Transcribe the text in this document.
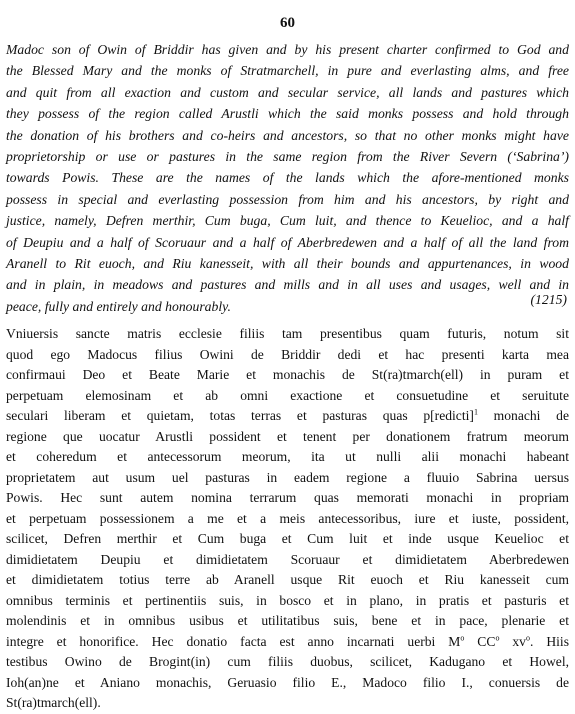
60
Madoc son of Owin of Briddir has given and by his present charter confirmed to God and
the Blessed Mary and the monks of Stratmarchell, in pure and everlasting alms, and free
and quit from all exaction and custom and secular service, all lands and pastures which
they possess of the region called Arustli which the said monks possess and hold through
the donation of his brothers and co-heirs and ancestors, so that no other monks might have
proprietorship or use or pastures in the same region from the River Severn (‘Sabrina’)
towards Powis. These are the names of the lands which the afore-mentioned monks
possess in special and everlasting possession from him and his ancestors, by right and
justice, namely, Defren merthir, Cum buga, Cum luit, and thence to Keuelioc, and a half
of Deupiu and a half of Scoruaur and a half of Aberbredewen and a half of all the land from
Aranell to Rit euoch, and Riu kanesseit, with all their bounds and appurtenances, in wood
and in plain, in meadows and pastures and mills and in all uses and usages, well and in
peace, fully and entirely and honourably.	(1215)
Vniuersis sancte matris ecclesie filiis tam presentibus quam futuris, notum sit
quod ego Madocus filius Owini de Briddir dedi et hac presenti karta mea
confirmaui Deo et Beate Marie et monachis de St(ra)tmarch(ell) in puram et
perpetuam elemosinam et ab omni exactione et consuetudine et seruitute
seculari liberam et quietam, totas terras et pasturas quas p[redicti]$^1$ monachi de
regione que uocatur Arustli possident et tenent per donationem fratrum meorum
et coheredum et antecessorum meorum, ita ut nulli alii monachi habeant
proprietatem aut usum uel pasturas in eadem regione a fluuio Sabrina uersus
Powis. Hec sunt autem nomina terrarum quas memorati monachi in propriam
et perpetuam possessionem a me et a meis antecessoribus, iure et iuste, possident,
scilicet, Defren merthir et Cum buga et Cum luit et inde usque Keuelioc et
dimidietatem Deupiu et dimidietatem Scoruaur et dimidietatem Aberbredewen
et dimidietatem totius terre ab Aranell usque Rit euoch et Riu kanesseit cum
omnibus terminis et pertinentiis suis, in bosco et in plano, in pratis et pasturis et
molendinis et in omnibus usibus et utilitatibus suis, bene et in pace, plenarie et
integre et honorifice. Hec donatio facta est anno incarnati uerbi $M^o$ $CC^o$ $xv^o$. Hiis
testibus Owino de Brogint(in) cum filiis duobus, scilicet, Kadugano et Howel,
Ioh(an)ne et Aniano monachis, Geruasio filio E., Madoco filio I., conuersis de
St(ra)tmarch(ell).
